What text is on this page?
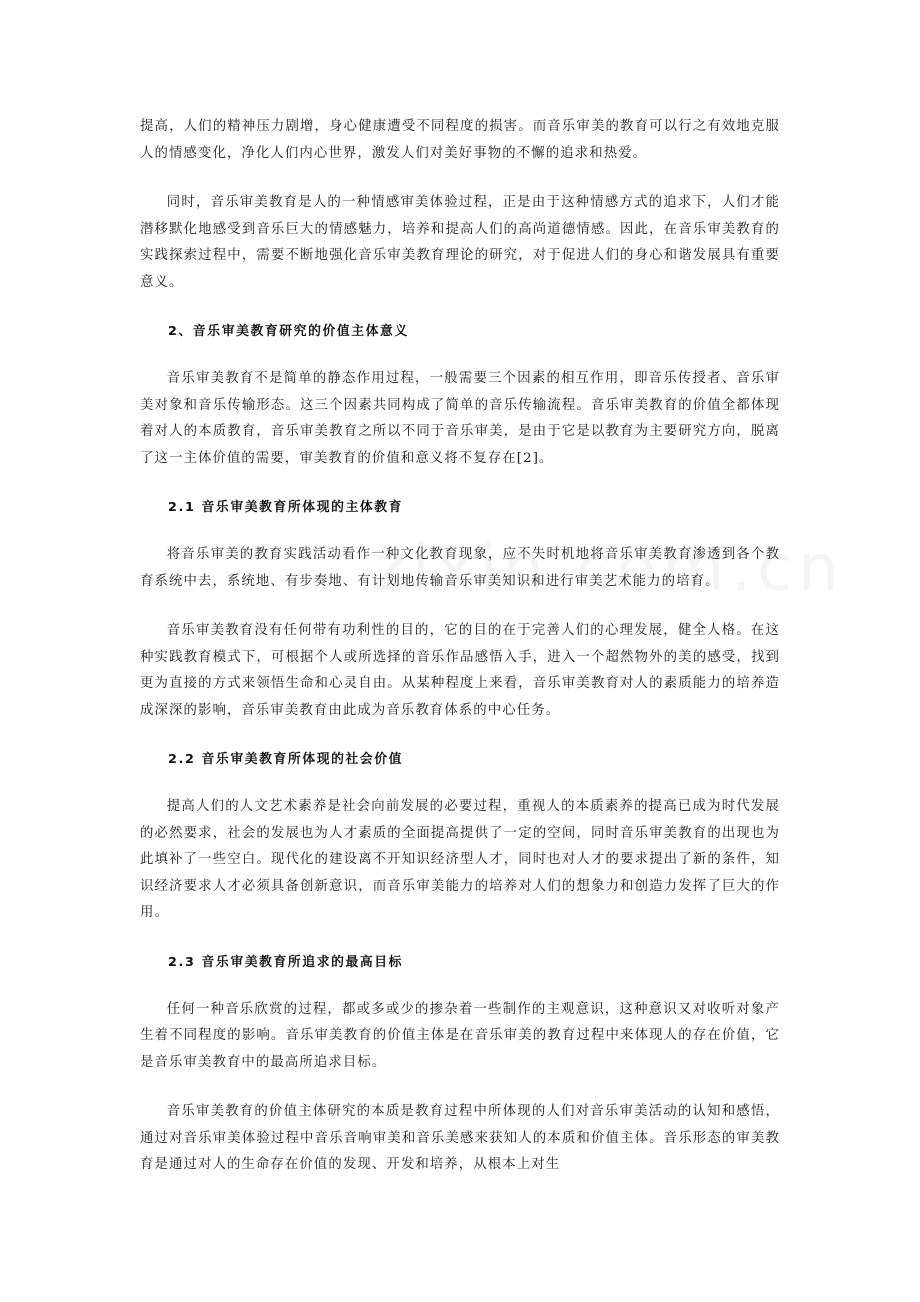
提高，人们的精神压力剧增，身心健康遭受不同程度的损害。而音乐审美的教育可以行之有效地克服人的情感变化，净化人们内心世界，激发人们对美好事物的不懈的追求和热爱。

同时，音乐审美教育是人的一种情感审美体验过程，正是由于这种情感方式的追求下，人们才能潜移默化地感受到音乐巨大的情感魅力，培养和提高人们的高尚道德情感。因此，在音乐审美教育的实践探索过程中，需要不断地强化音乐审美教育理论的研究，对于促进人们的身心和谐发展具有重要意义。

2、音乐审美教育研究的价值主体意义

音乐审美教育不是简单的静态作用过程，一般需要三个因素的相互作用，即音乐传授者、音乐审美对象和音乐传输形态。这三个因素共同构成了简单的音乐传输流程。音乐审美教育的价值全都体现着对人的本质教育，音乐审美教育之所以不同于音乐审美，是由于它是以教育为主要研究方向，脱离了这一主体价值的需要，审美教育的价值和意义将不复存在[2]。

2.1 音乐审美教育所体现的主体教育

将音乐审美的教育实践活动看作一种文化教育现象，应不失时机地将音乐审美教育渗透到各个教育系统中去，系统地、有步奏地、有计划地传输音乐审美知识和进行审美艺术能力的培育。

音乐审美教育没有任何带有功利性的目的，它的目的在于完善人们的心理发展，健全人格。在这种实践教育模式下，可根据个人或所选择的音乐作品感悟入手，进入一个超然物外的美的感受，找到更为直接的方式来领悟生命和心灵自由。从某种程度上来看，音乐审美教育对人的素质能力的培养造成深深的影响，音乐审美教育由此成为音乐教育体系的中心任务。

2.2 音乐审美教育所体现的社会价值

提高人们的人文艺术素养是社会向前发展的必要过程，重视人的本质素养的提高已成为时代发展的必然要求，社会的发展也为人才素质的全面提高提供了一定的空间，同时音乐审美教育的出现也为此填补了一些空白。现代化的建设离不开知识经济型人才，同时也对人才的要求提出了新的条件，知识经济要求人才必须具备创新意识，而音乐审美能力的培养对人们的想象力和创造力发挥了巨大的作用。

2.3 音乐审美教育所追求的最高目标

任何一种音乐欣赏的过程，都或多或少的掺杂着一些制作的主观意识，这种意识又对收听对象产生着不同程度的影响。音乐审美教育的价值主体是在音乐审美的教育过程中来体现人的存在价值，它是音乐审美教育中的最高所追求目标。

音乐审美教育的价值主体研究的本质是教育过程中所体现的人们对音乐审美活动的认知和感悟，通过对音乐审美体验过程中音乐音响审美和音乐美感来获知人的本质和价值主体。音乐形态的审美教育是通过对人的生命存在价值的发现、开发和培养，从根本上对生
